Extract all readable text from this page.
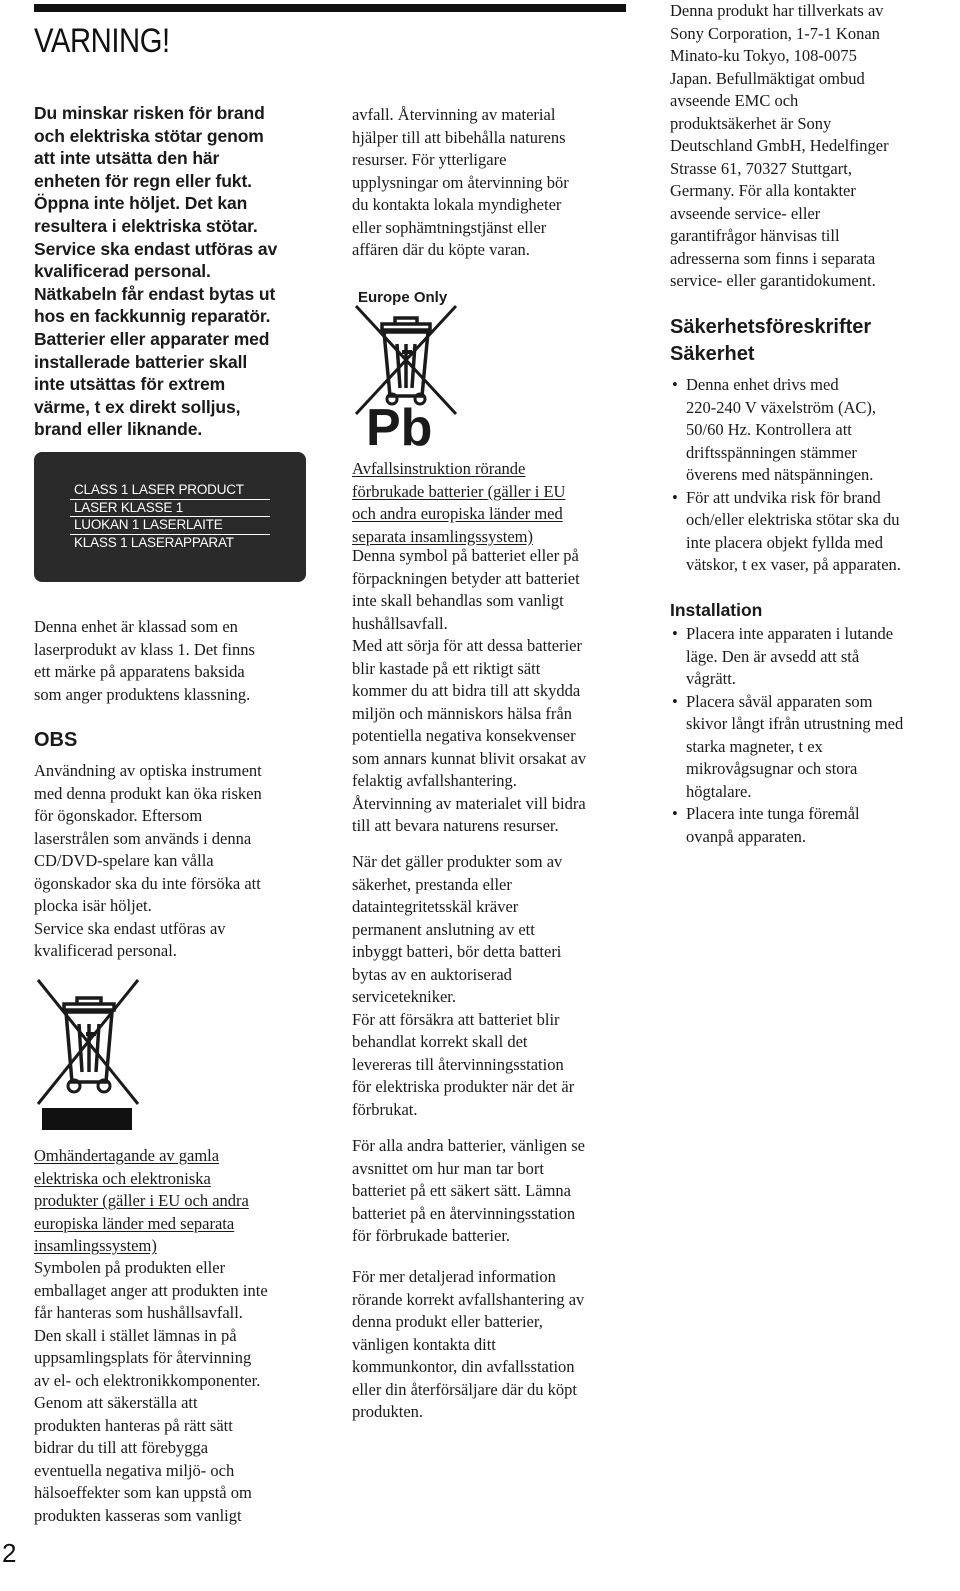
VARNING!
Du minskar risken för brand
och elektriska stötar genom
att inte utsätta den här
enheten för regn eller fukt.
Öppna inte höljet. Det kan
resultera i elektriska stötar.
Service ska endast utföras av
kvalificerad personal.
Nätkabeln får endast bytas ut
hos en fackkunnig reparatör.
Batterier eller apparater med
installerade batterier skall
inte utsättas för extrem
värme, t ex direkt solljus,
brand eller liknande.
CLASS 1 LASER PRODUCT
LASER KLASSE 1
LUOKAN 1 LASERLAITE
KLASS 1 LASERAPPARAT
Denna enhet är klassad som en
laserprodukt av klass 1. Det finns
ett märke på apparatens baksida
som anger produktens klassning.
OBS
Användning av optiska instrument
med denna produkt kan öka risken
för ögonskador. Eftersom
laserstrålen som används i denna
CD/DVD-spelare kan vålla
ögonskador ska du inte försöka att
plocka isär höljet.
Service ska endast utföras av
kvalificerad personal.
Omhändertagande av gamla
elektriska och elektroniska
produkter (gäller i EU och andra
europiska länder med separata
insamlingssystem)
Symbolen på produkten eller
emballaget anger att produkten inte
får hanteras som hushållsavfall.
Den skall i stället lämnas in på
uppsamlingsplats för återvinning
av el- och elektronikkomponenter.
Genom att säkerställa att
produkten hanteras på rätt sätt
bidrar du till att förebygga
eventuella negativa miljö- och
hälsoeffekter som kan uppstå om
produkten kasseras som vanligt
avfall. Återvinning av material
hjälper till att bibehålla naturens
resurser. För ytterligare
upplysningar om återvinning bör
du kontakta lokala myndigheter
eller sophämtningstjänst eller
affären där du köpte varan.
Europe Only
Pb
Avfallsinstruktion rörande
förbrukade batterier (gäller i EU
och andra europiska länder med
separata insamlingssystem)
Denna symbol på batteriet eller på
förpackningen betyder att batteriet
inte skall behandlas som vanligt
hushållsavfall.
Med att sörja för att dessa batterier
blir kastade på ett riktigt sätt
kommer du att bidra till att skydda
miljön och människors hälsa från
potentiella negativa konsekvenser
som annars kunnat blivit orsakat av
felaktig avfallshantering.
Återvinning av materialet vill bidra
till att bevara naturens resurser.
När det gäller produkter som av
säkerhet, prestanda eller
dataintegritetsskäl kräver
permanent anslutning av ett
inbyggt batteri, bör detta batteri
bytas av en auktoriserad
servicetekniker.
För att försäkra att batteriet blir
behandlat korrekt skall det
levereras till återvinningsstation
för elektriska produkter när det är
förbrukat.
För alla andra batterier, vänligen se
avsnittet om hur man tar bort
batteriet på ett säkert sätt. Lämna
batteriet på en återvinningsstation
för förbrukade batterier.
För mer detaljerad information
rörande korrekt avfallshantering av
denna produkt eller batterier,
vänligen kontakta ditt
kommunkontor, din avfallsstation
eller din återförsäljare där du köpt
produkten.
Denna produkt har tillverkats av
Sony Corporation, 1-7-1 Konan
Minato-ku Tokyo, 108-0075
Japan. Befullmäktigat ombud
avseende EMC och
produktsäkerhet är Sony
Deutschland GmbH, Hedelfinger
Strasse 61, 70327 Stuttgart,
Germany. För alla kontakter
avseende service- eller
garantifrågor hänvisas till
adresserna som finns i separata
service- eller garantidokument.
Säkerhetsföreskrifter
Säkerhet
• Denna enhet drivs med
220-240 V växelström (AC),
50/60 Hz. Kontrollera att
driftsspänningen stämmer
överens med nätspänningen.
• För att undvika risk för brand
och/eller elektriska stötar ska du
inte placera objekt fyllda med
vätskor, t ex vaser, på apparaten.
Installation
• Placera inte apparaten i lutande
läge. Den är avsedd att stå
vågrätt.
• Placera såväl apparaten som
skivor långt ifrån utrustning med
starka magneter, t ex
mikrovågsugnar och stora
högtalare.
• Placera inte tunga föremål
ovanpå apparaten.
2
